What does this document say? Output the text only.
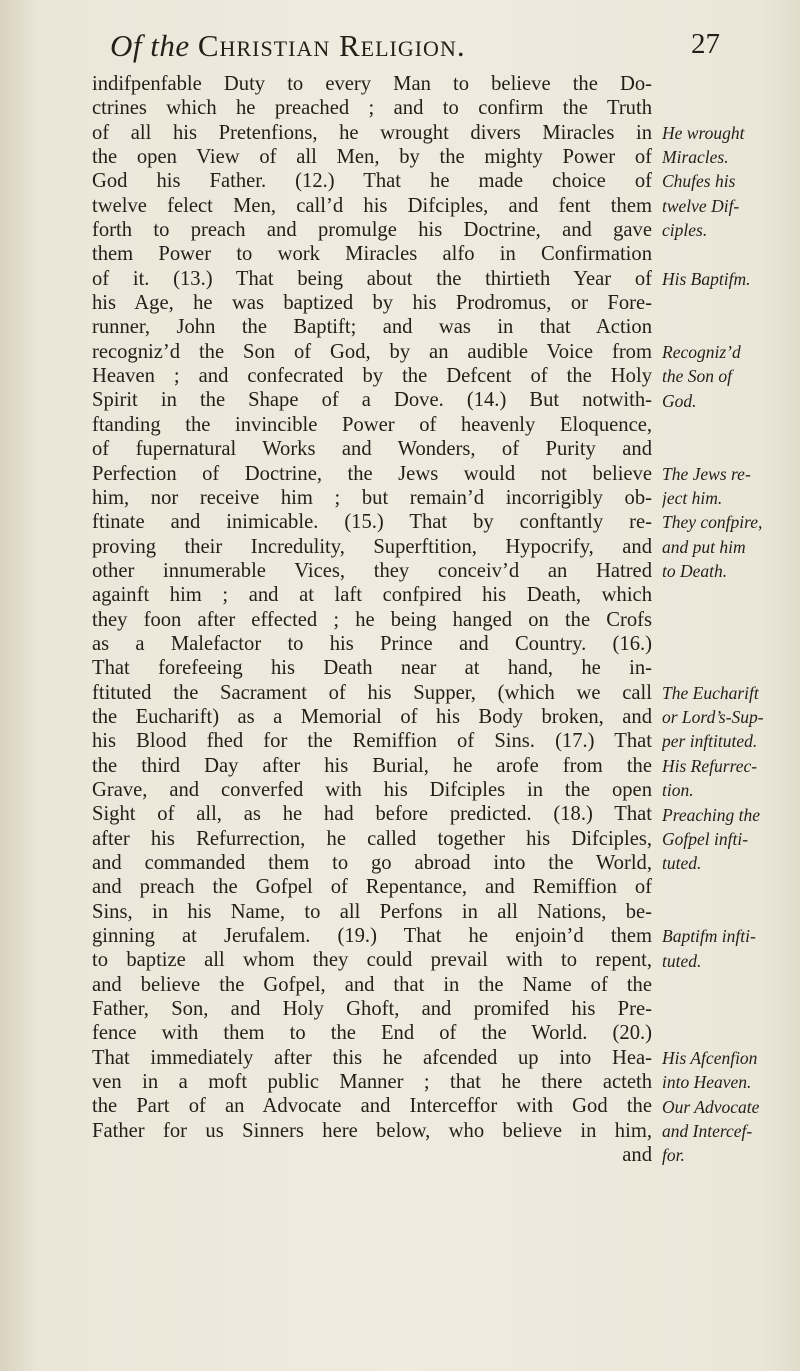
Of the Christian Religion.	27
indifpenfable Duty to every Man to believe the Do-
ctrines which he preached ; and to confirm the Truth
of all his Pretenfions, he wrought divers Miracles in
the open View of all Men, by the mighty Power of
God his Father. (12.) That he made choice of
twelve felect Men, call’d his Difciples, and fent them
forth to preach and promulge his Doctrine, and gave
them Power to work Miracles alfo in Confirmation
of it. (13.) That being about the thirtieth Year of
his Age, he was baptized by his Prodromus, or Fore-
runner, John the Baptift; and was in that Action
recogniz’d the Son of God, by an audible Voice from
Heaven ; and confecrated by the Defcent of the Holy
Spirit in the Shape of a Dove. (14.) But notwith-
ftanding the invincible Power of heavenly Eloquence,
of fupernatural Works and Wonders, of Purity and
Perfection of Doctrine, the Jews would not believe
him, nor receive him ; but remain’d incorrigibly ob-
ftinate and inimicable. (15.) That by conftantly re-
proving their Incredulity, Superftition, Hypocrify, and
other innumerable Vices, they conceiv’d an Hatred
againft him ; and at laft confpired his Death, which
they foon after effected ; he being hanged on the Crofs
as a Malefactor to his Prince and Country. (16.)
That forefeeing his Death near at hand, he in-
ftituted the Sacrament of his Supper, (which we call
the Eucharift) as a Memorial of his Body broken, and
his Blood fhed for the Remiffion of Sins. (17.) That
the third Day after his Burial, he arofe from the
Grave, and converfed with his Difciples in the open
Sight of all, as he had before predicted. (18.) That
after his Refurrection, he called together his Difciples,
and commanded them to go abroad into the World,
and preach the Gofpel of Repentance, and Remiffion of
Sins, in his Name, to all Perfons in all Nations, be-
ginning at Jerufalem. (19.) That he enjoin’d them
to baptize all whom they could prevail with to repent,
and believe the Gofpel, and that in the Name of the
Father, Son, and Holy Ghoft, and promifed his Pre-
fence with them to the End of the World. (20.)
That immediately after this he afcended up into Hea-
ven in a moft public Manner ; that he there acteth
the Part of an Advocate and Interceffor with God the
Father for us Sinners here below, who believe in him,
and
He wrought
Miracles.
Chufes his
twelve Dif-
ciples.
His Baptifm.
Recogniz’d
the Son of
God.
The Jews re-
ject him.
They confpire,
and put him
to Death.
The Eucharift
or Lord’s-Sup-
per inftituted.
His Refurrec-
tion.
Preaching the
Gofpel infti-
tuted.
Baptifm infti-
tuted.
His Afcenfion
into Heaven.
Our Advocate
and Intercef-
for.
